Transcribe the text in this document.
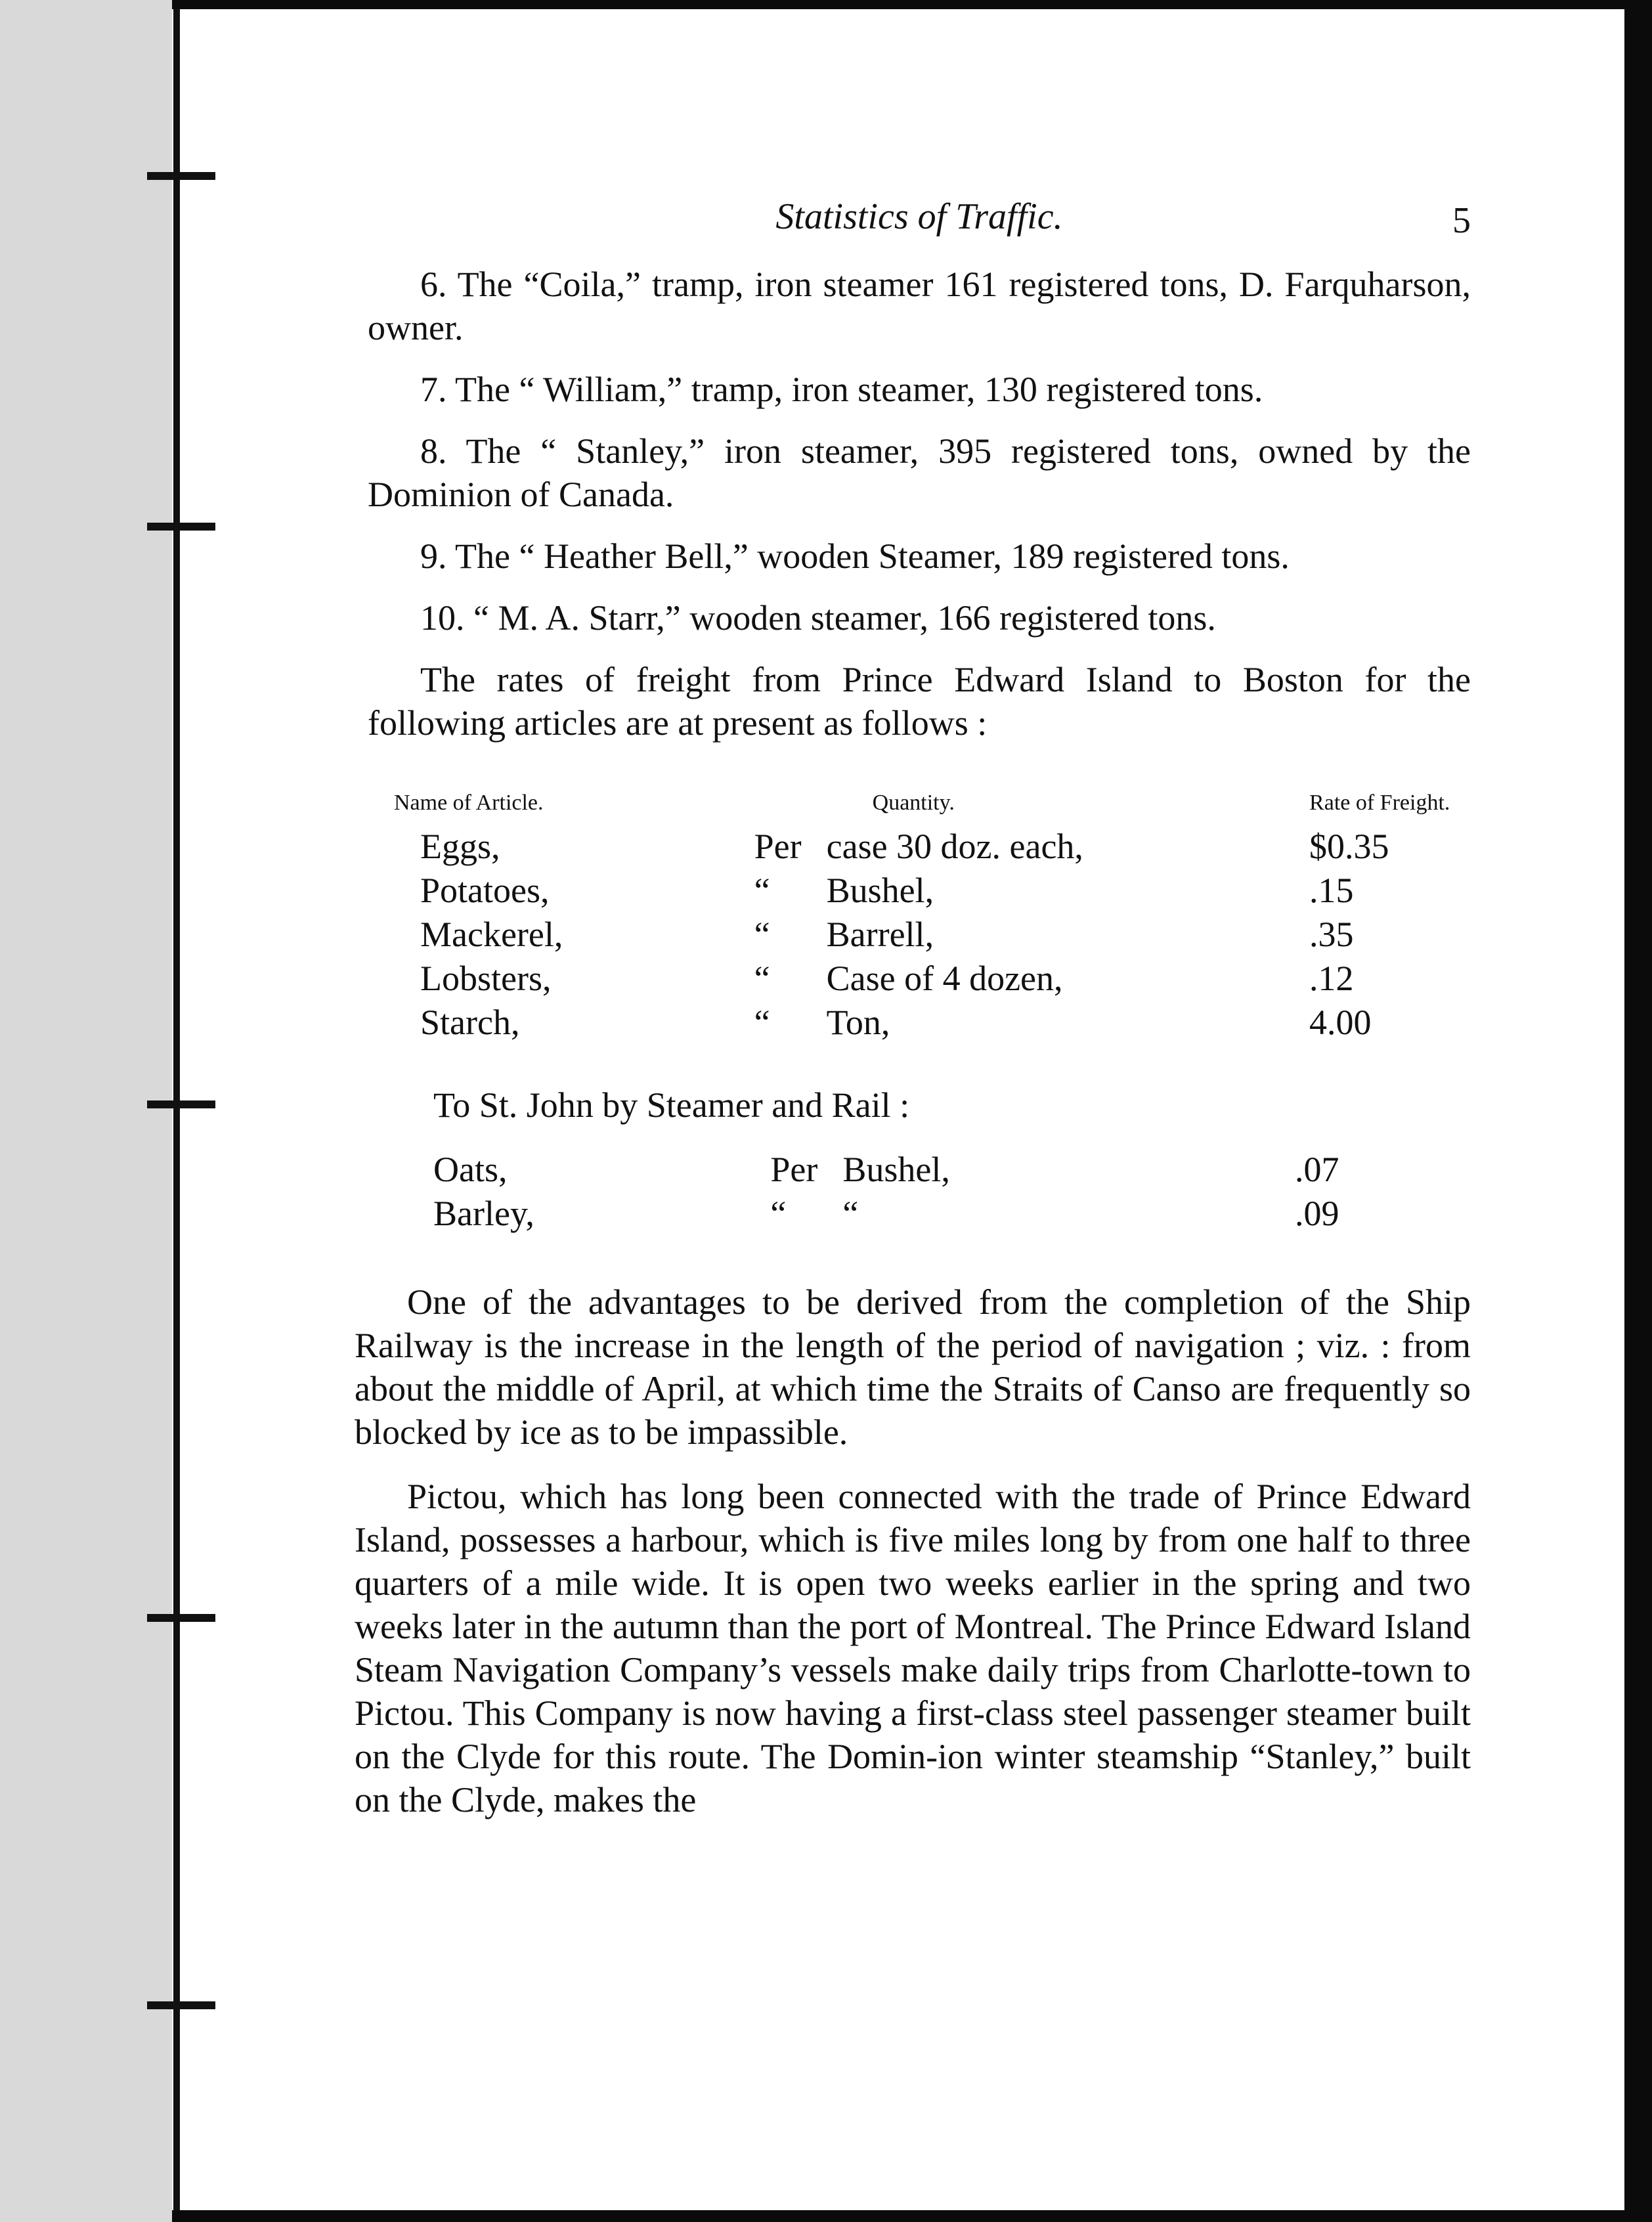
Statistics of Traffic.	5

6. The “Coila,” tramp, iron steamer 161 registered tons, D. Farquharson, owner.

7. The “ William,” tramp, iron steamer, 130 registered tons.

8. The “ Stanley,” iron steamer, 395 registered tons, owned by the Dominion of Canada.

9. The “ Heather Bell,” wooden Steamer, 189 registered tons.

10. “ M. A. Starr,” wooden steamer, 166 registered tons.

The rates of freight from Prince Edward Island to Boston for the following articles are at present as follows :

Name of Article.	Quantity.	Rate of Freight.
Eggs,	Per case 30 doz. each,	$0.35
Potatoes,	“ Bushel,	.15
Mackerel,	“ Barrell,	.35
Lobsters,	“ Case of 4 dozen,	.12
Starch,	“ Ton,	4.00

To St. John by Steamer and Rail :

Oats,	Per Bushel,	.07
Barley,	“ “	.09

One of the advantages to be derived from the completion of the Ship Railway is the increase in the length of the period of navigation ; viz. : from about the middle of April, at which time the Straits of Canso are frequently so blocked by ice as to be impassible.

Pictou, which has long been connected with the trade of Prince Edward Island, possesses a harbour, which is five miles long by from one half to three quarters of a mile wide. It is open two weeks earlier in the spring and two weeks later in the autumn than the port of Montreal. The Prince Edward Island Steam Navigation Company’s vessels make daily trips from Charlotte-town to Pictou. This Company is now having a first-class steel passenger steamer built on the Clyde for this route. The Domin-ion winter steamship “Stanley,” built on the Clyde, makes the
